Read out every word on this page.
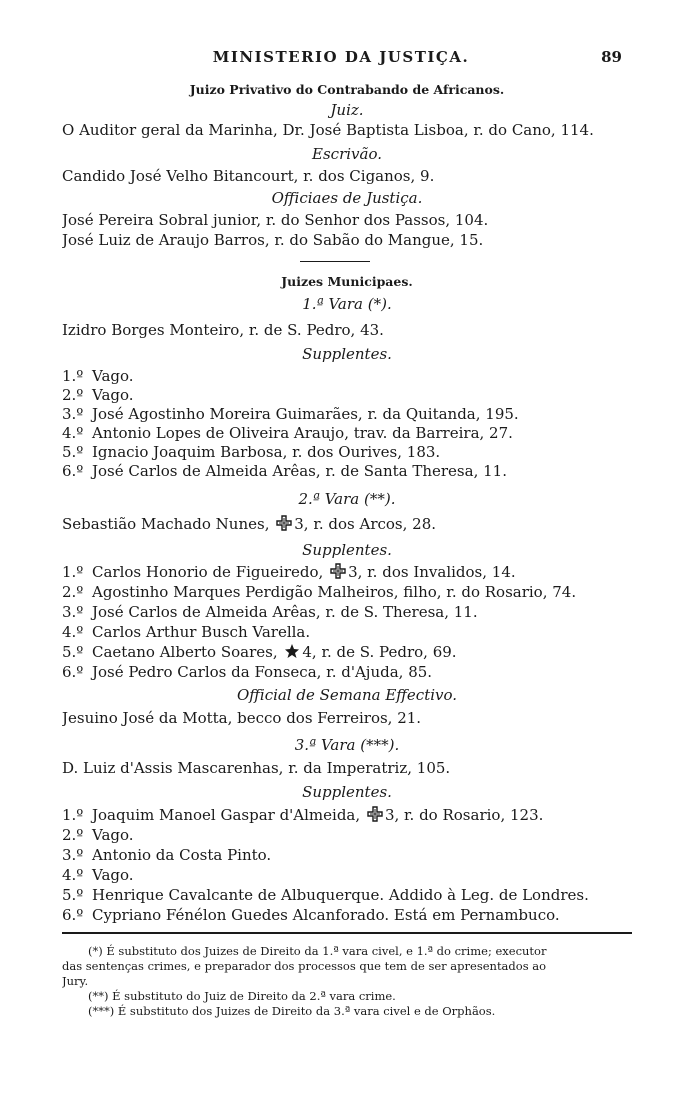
MINISTERIO DA JUSTIÇA.	89
Juizo Privativo do Contrabando de Africanos.
Juiz.
O Auditor geral da Marinha, Dr. José Baptista Lisboa, r. do Cano, 114.
Escrivão.
Candido José Velho Bitancourt, r. dos Ciganos, 9.
Officiaes de Justiça.
José Pereira Sobral junior, r. do Senhor dos Passos, 104.
José Luiz de Araujo Barros, r. do Sabão do Mangue, 15.
Juizes Municipaes.
1.ª Vara (*).
Izidro Borges Monteiro, r. de S. Pedro, 43.
Supplentes.
1.º Vago.
2.º Vago.
3.º José Agostinho Moreira Guimarães, r. da Quitanda, 195.
4.º Antonio Lopes de Oliveira Araujo, trav. da Barreira, 27.
5.º Ignacio Joaquim Barbosa, r. dos Ourives, 183.
6.º José Carlos de Almeida Arêas, r. de Santa Theresa, 11.
2.ª Vara (**).
Sebastião Machado Nunes, 3, r. dos Arcos, 28.
Supplentes.
1.º Carlos Honorio de Figueiredo, 3, r. dos Invalidos, 14.
2.º Agostinho Marques Perdigão Malheiros, filho, r. do Rosario, 74.
3.º José Carlos de Almeida Arêas, r. de S. Theresa, 11.
4.º Carlos Arthur Busch Varella.
5.º Caetano Alberto Soares, 4, r. de S. Pedro, 69.
6.º José Pedro Carlos da Fonseca, r. d'Ajuda, 85.
Official de Semana Effectivo.
Jesuino José da Motta, becco dos Ferreiros, 21.
3.ª Vara (***).
D. Luiz d'Assis Mascarenhas, r. da Imperatriz, 105.
Supplentes.
1.º Joaquim Manoel Gaspar d'Almeida, 3, r. do Rosario, 123.
2.º Vago.
3.º Antonio da Costa Pinto.
4.º Vago.
5.º Henrique Cavalcante de Albuquerque. Addido à Leg. de Londres.
6.º Cypriano Fénélon Guedes Alcanforado. Está em Pernambuco.
(*) É substituto dos Juizes de Direito da 1.ª vara civel, e 1.ª do crime; executor
das sentenças crimes, e preparador dos processos que tem de ser apresentados ao
Jury.
(**) É substituto do Juiz de Direito da 2.ª vara crime.
(***) É substituto dos Juizes de Direito da 3.ª vara civel e de Orphãos.
